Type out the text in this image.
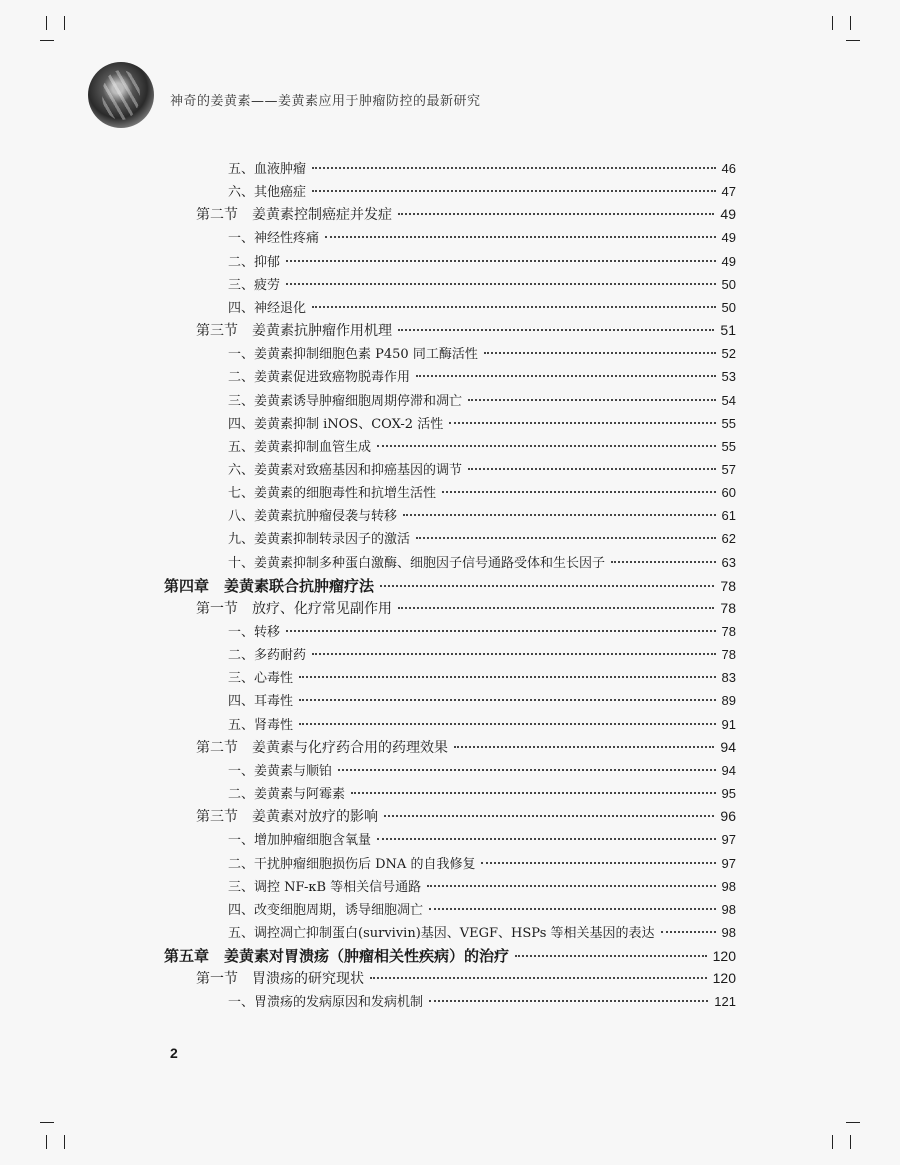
神奇的姜黄素——姜黄素应用于肿瘤防控的最新研究
五、血液肿瘤	46
六、其他癌症	47
第二节　姜黄素控制癌症并发症	49
一、神经性疼痛	49
二、抑郁	49
三、疲劳	50
四、神经退化	50
第三节　姜黄素抗肿瘤作用机理	51
一、姜黄素抑制细胞色素 P450 同工酶活性	52
二、姜黄素促进致癌物脱毒作用	53
三、姜黄素诱导肿瘤细胞周期停滞和凋亡	54
四、姜黄素抑制 iNOS、COX-2 活性	55
五、姜黄素抑制血管生成	55
六、姜黄素对致癌基因和抑癌基因的调节	57
七、姜黄素的细胞毒性和抗增生活性	60
八、姜黄素抗肿瘤侵袭与转移	61
九、姜黄素抑制转录因子的激活	62
十、姜黄素抑制多种蛋白激酶、细胞因子信号通路受体和生长因子	63
第四章　姜黄素联合抗肿瘤疗法	78
第一节　放疗、化疗常见副作用	78
一、转移	78
二、多药耐药	78
三、心毒性	83
四、耳毒性	89
五、肾毒性	91
第二节　姜黄素与化疗药合用的药理效果	94
一、姜黄素与顺铂	94
二、姜黄素与阿霉素	95
第三节　姜黄素对放疗的影响	96
一、增加肿瘤细胞含氧量	97
二、干扰肿瘤细胞损伤后 DNA 的自我修复	97
三、调控 NF-κB 等相关信号通路	98
四、改变细胞周期，诱导细胞凋亡	98
五、调控凋亡抑制蛋白(survivin)基因、VEGF、HSPs 等相关基因的表达	98
第五章　姜黄素对胃溃疡（肿瘤相关性疾病）的治疗	120
第一节　胃溃疡的研究现状	120
一、胃溃疡的发病原因和发病机制	121
2
